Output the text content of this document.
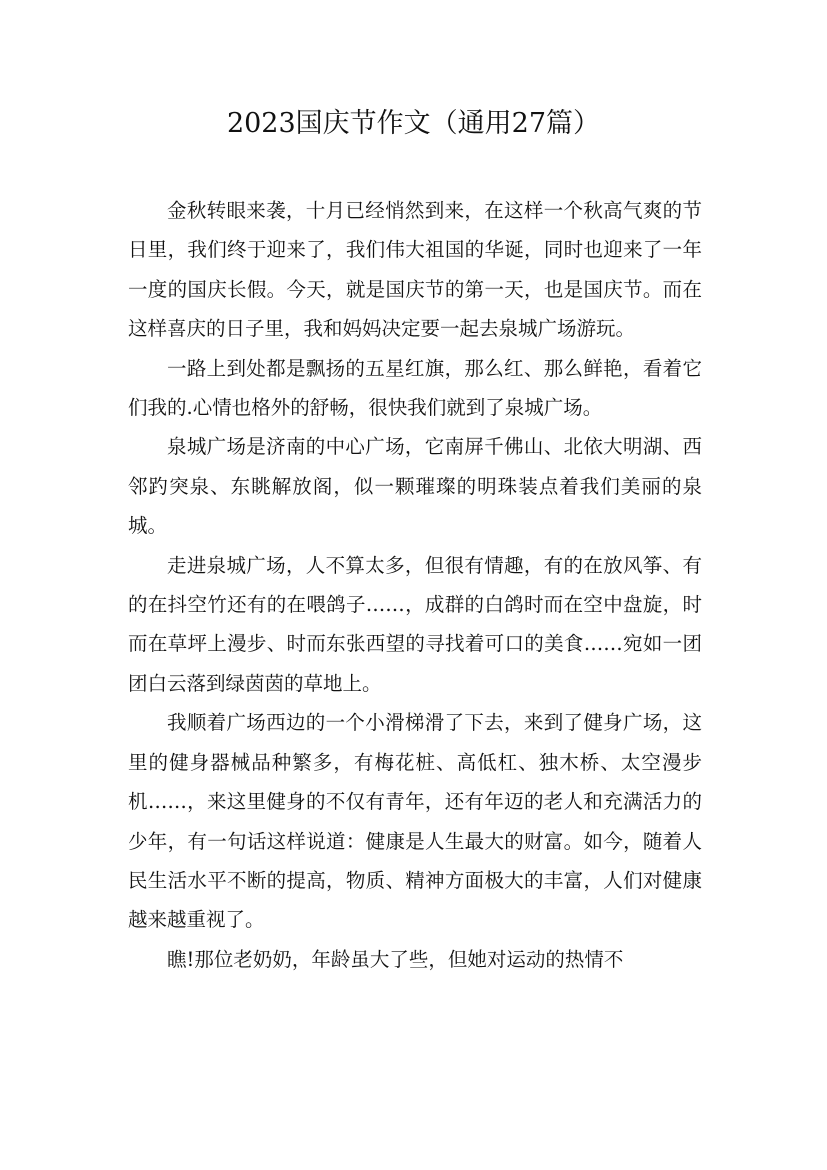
2023国庆节作文（通用27篇）

金秋转眼来袭，十月已经悄然到来，在这样一个秋高气爽的节日里，我们终于迎来了，我们伟大祖国的华诞，同时也迎来了一年一度的国庆长假。今天，就是国庆节的第一天，也是国庆节。而在这样喜庆的日子里，我和妈妈决定要一起去泉城广场游玩。

一路上到处都是飘扬的五星红旗，那么红、那么鲜艳，看着它们我的.心情也格外的舒畅，很快我们就到了泉城广场。

泉城广场是济南的中心广场，它南屏千佛山、北依大明湖、西邻趵突泉、东眺解放阁，似一颗璀璨的明珠装点着我们美丽的泉城。

走进泉城广场，人不算太多，但很有情趣，有的在放风筝、有的在抖空竹还有的在喂鸽子……，成群的白鸽时而在空中盘旋，时而在草坪上漫步、时而东张西望的寻找着可口的美食……宛如一团团白云落到绿茵茵的草地上。

我顺着广场西边的一个小滑梯滑了下去，来到了健身广场，这里的健身器械品种繁多，有梅花桩、高低杠、独木桥、太空漫步机……，来这里健身的不仅有青年，还有年迈的老人和充满活力的少年，有一句话这样说道：健康是人生最大的财富。如今，随着人民生活水平不断的提高，物质、精神方面极大的丰富，人们对健康越来越重视了。

瞧!那位老奶奶，年龄虽大了些，但她对运动的热情不
